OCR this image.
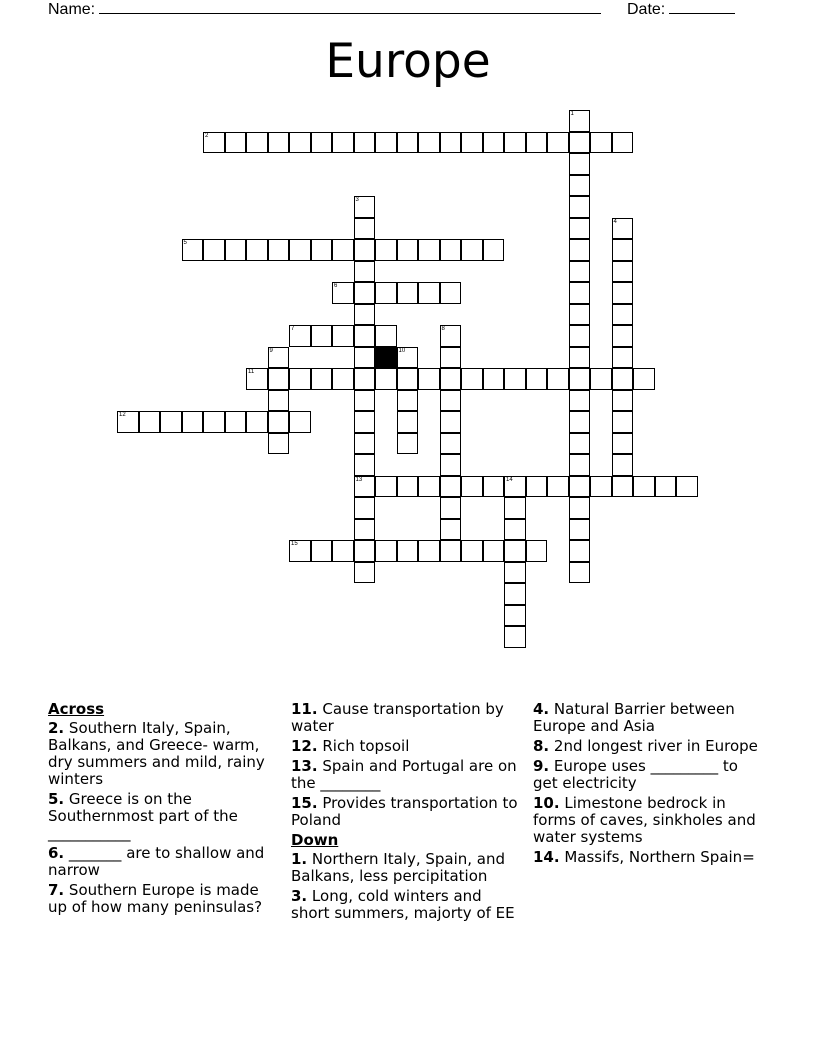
Name:	Date:
Europe
1
2
3
13
4
5
6
7	8
9	10
11
12
14
15
Across
2. Southern Italy, Spain, Balkans, and Greece- warm, dry summers and mild, rainy winters
5. Greece is on the Southernmost part of the ___________
6. _______ are to shallow and narrow
7. Southern Europe is made up of how many peninsulas?
11. Cause transportation by water
12. Rich topsoil
13. Spain and Portugal are on the ________
15. Provides transportation to Poland
Down
1. Northern Italy, Spain, and Balkans, less percipitation
3. Long, cold winters and short summers, majorty of EE
4. Natural Barrier between Europe and Asia
8. 2nd longest river in Europe
9. Europe uses _________ to get electricity
10. Limestone bedrock in forms of caves, sinkholes and water systems
14. Massifs, Northern Spain=
